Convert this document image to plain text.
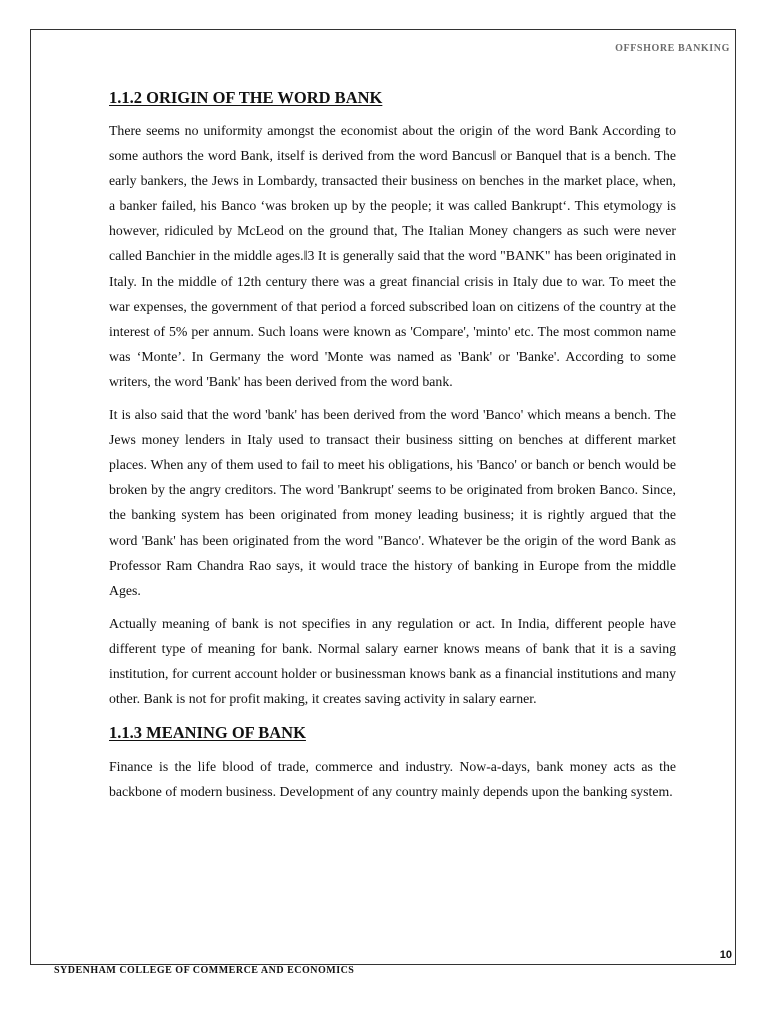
OFFSHORE BANKING
1.1.2 ORIGIN OF THE WORD BANK

There seems no uniformity amongst the economist about the origin of the word Bank According to some authors the word Bank, itself is derived from the word Bancus‖ or Banque‖ that is a bench. The early bankers, the Jews in Lombardy, transacted their business on benches in the market place, when, a banker failed, his Banco ‘was broken up by the people; it was called Bankrupt‘. This etymology is however, ridiculed by McLeod on the ground that, The Italian Money changers as such were never called Banchier in the middle ages.‖3 It is generally said that the word "BANK" has been originated in Italy. In the middle of 12th century there was a great financial crisis in Italy due to war. To meet the war expenses, the government of that period a forced subscribed loan on citizens of the country at the interest of 5% per annum. Such loans were known as 'Compare', 'minto' etc. The most common name was ‘Monte’. In Germany the word 'Monte was named as 'Bank' or 'Banke'. According to some writers, the word 'Bank' has been derived from the word bank.

It is also said that the word 'bank' has been derived from the word 'Banco' which means a bench. The Jews money lenders in Italy used to transact their business sitting on benches at different market places. When any of them used to fail to meet his obligations, his 'Banco' or banch or bench would be broken by the angry creditors. The word 'Bankrupt' seems to be originated from broken Banco. Since, the banking system has been originated from money leading business; it is rightly argued that the word 'Bank' has been originated from the word "Banco'. Whatever be the origin of the word Bank as Professor Ram Chandra Rao says, it would trace the history of banking in Europe from the middle Ages.

Actually meaning of bank is not specifies in any regulation or act. In India, different people have different type of meaning for bank. Normal salary earner knows means of bank that it is a saving institution, for current account holder or businessman knows bank as a financial institutions and many other. Bank is not for profit making, it creates saving activity in salary earner.

1.1.3 MEANING OF BANK

Finance is the life blood of trade, commerce and industry. Now-a-days, bank money acts as the backbone of modern business. Development of any country mainly depends upon the banking system.

10
SYDENHAM COLLEGE OF COMMERCE AND ECONOMICS
